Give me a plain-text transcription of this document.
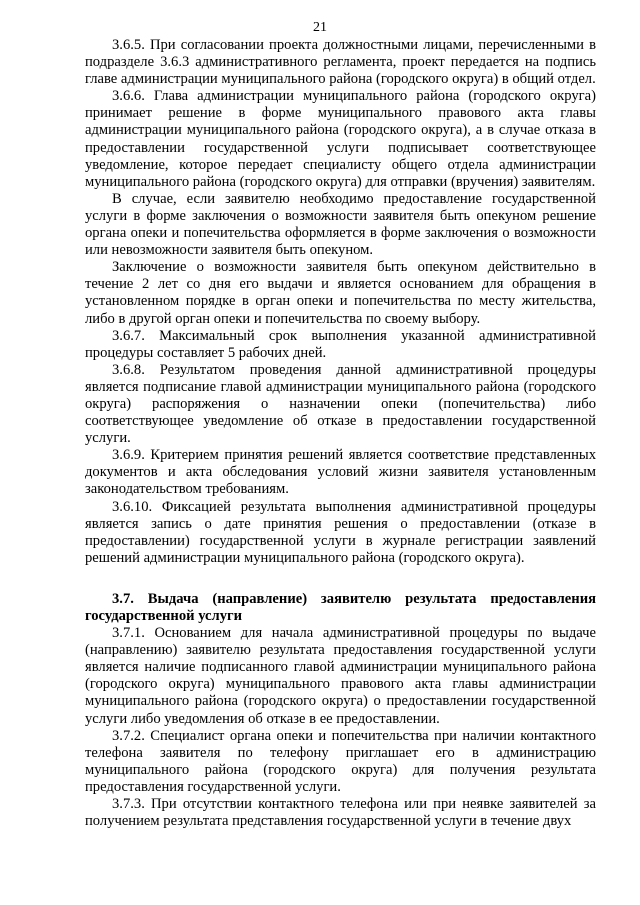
21

3.6.5. При согласовании проекта должностными лицами, перечисленными в подразделе 3.6.3 административного регламента, проект передается на подпись главе администрации муниципального района (городского округа) в общий отдел.

3.6.6. Глава администрации муниципального района (городского округа) принимает решение в форме муниципального правового акта главы администрации муниципального района (городского округа), а в случае отказа в предоставлении государственной услуги подписывает соответствующее уведомление, которое передает специалисту общего отдела администрации муниципального района (городского округа) для отправки (вручения) заявителям.

В случае, если заявителю необходимо предоставление государственной услуги в форме заключения о возможности заявителя быть опекуном решение органа опеки и попечительства оформляется в форме заключения о возможности или невозможности заявителя быть опекуном.

Заключение о возможности заявителя быть опекуном действительно в течение 2 лет со дня его выдачи и является основанием для обращения в установленном порядке в орган опеки и попечительства по месту жительства, либо в другой орган опеки и попечительства по своему выбору.

3.6.7. Максимальный срок выполнения указанной административной процедуры составляет 5 рабочих дней.

3.6.8. Результатом проведения данной административной процедуры является подписание главой администрации муниципального района (городского округа) распоряжения о назначении опеки (попечительства) либо соответствующее уведомление об отказе в предоставлении государственной услуги.

3.6.9. Критерием принятия решений является соответствие представленных документов и акта обследования условий жизни заявителя установленным законодательством требованиям.

3.6.10. Фиксацией результата выполнения административной процедуры является запись о дате принятия решения о предоставлении (отказе в предоставлении) государственной услуги в журнале регистрации заявлений решений администрации муниципального района (городского округа).

3.7. Выдача (направление) заявителю результата предоставления государственной услуги

3.7.1. Основанием для начала административной процедуры по выдаче (направлению) заявителю результата предоставления государственной услуги является наличие подписанного главой администрации муниципального района (городского округа) муниципального правового акта главы администрации муниципального района (городского округа) о предоставлении государственной услуги либо уведомления об отказе в ее предоставлении.

3.7.2. Специалист органа опеки и попечительства при наличии контактного телефона заявителя по телефону приглашает его в администрацию муниципального района (городского округа) для получения результата предоставления государственной услуги.

3.7.3. При отсутствии контактного телефона или при неявке заявителей за получением результата представления государственной услуги в течение двух
